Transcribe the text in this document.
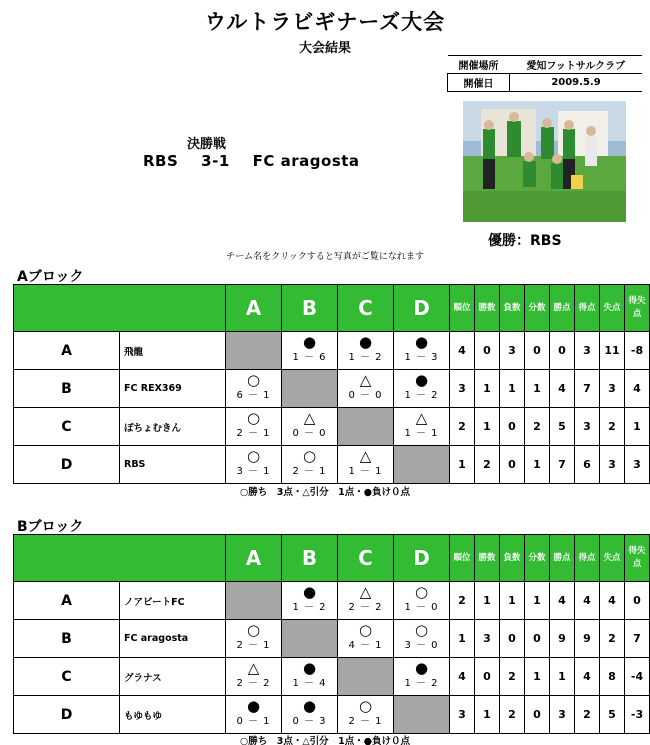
ウルトラビギナーズ大会
大会結果
開催場所	愛知フットサルクラブ
開催日	2009.5.9
決勝戦
RBS    3-1    FC aragosta
優勝：RBS
チーム名をクリックすると写真がご覧になれます
Aブロック
		A	B	C	D	順位	勝数	負数	分数	勝点	得点	失点	得失点
A	飛龍		●
1 － 6	●
1 － 2	●
1 － 3	4	0	3	0	0	3	11	-8
B	FC REX369	○
6 － 1		△
0 － 0	●
1 － 2	3	1	1	1	4	7	3	4
C	ぽちょむきん	○
2 － 1	△
0 － 0		△
1 － 1	2	1	0	2	5	3	2	1
D	RBS	○
3 － 1	○
2 － 1	△
1 － 1		1	2	0	1	7	6	3	3
○勝ち　3点・△引分　1点・●負け０点
Bブロック
		A	B	C	D	順位	勝数	負数	分数	勝点	得点	失点	得失点
A	ノアビートFC		●
1 － 2	△
2 － 2	○
1 － 0	2	1	1	1	4	4	4	0
B	FC aragosta	○
2 － 1		○
4 － 1	○
3 － 0	1	3	0	0	9	9	2	7
C	グラナス	△
2 － 2	●
1 － 4		●
1 － 2	4	0	2	1	1	4	8	-4
D	もゆもゆ	●
0 － 1	●
0 － 3	○
2 － 1		3	1	2	0	3	2	5	-3
○勝ち　3点・△引分　1点・●負け０点
